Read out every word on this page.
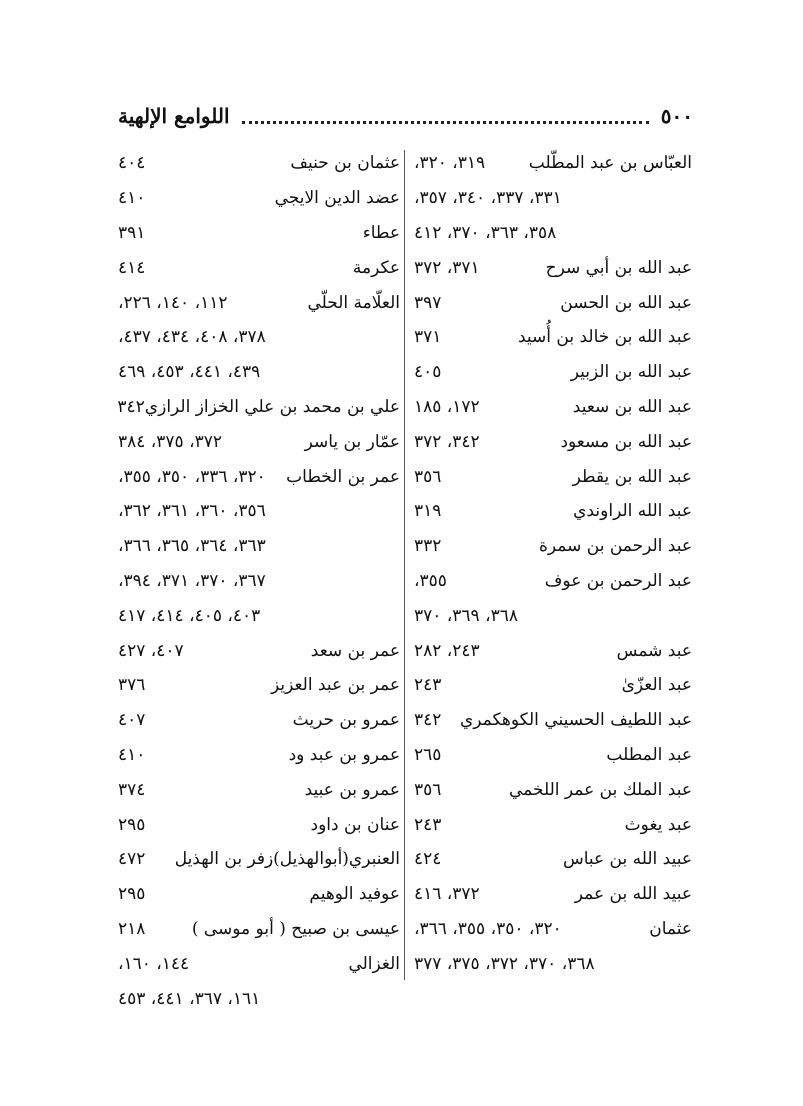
٥٠٠
اللوامع الإلهية
العبّاس بن عبد المطّلب
٣١٩، ٣٢٠،
٣٣١، ٣٣٧، ٣٤٠، ٣٥٧،
٣٥٨، ٣٦٣، ٣٧٠، ٤١٢
عبد الله بن أبي سرح
٣٧١، ٣٧٢
عبد الله بن الحسن
٣٩٧
عبد الله بن خالد بن أُسيد
٣٧١
عبد الله بن الزبير
٤٠٥
عبد الله بن سعيد
١٧٢، ١٨٥
عبد الله بن مسعود
٣٤٢، ٣٧٢
عبد الله بن يقطر
٣٥٦
عبد الله الراوندي
٣١٩
عبد الرحمن بن سمرة
٣٣٢
عبد الرحمن بن عوف
٣٥٥،
٣٦٨، ٣٦٩، ٣٧٠
عبد شمس
٢٤٣، ٢٨٢
عبد العزّىٰ
٢٤٣
عبد اللطيف الحسيني الكوهكمري
٣٤٢
عبد المطلب
٢٦٥
عبد الملك بن عمر اللخمي
٣٥٦
عبد يغوث
٢٤٣
عبيد الله بن عباس
٤٢٤
عبيد الله بن عمر
٣٧٢، ٤١٦
عثمان
٣٢٠، ٣٥٠، ٣٥٥، ٣٦٦،
٣٦٨، ٣٧٠، ٣٧٢، ٣٧٥، ٣٧٧
عثمان بن حنيف
٤٠٤
عضد الدين الايجي
٤١٠
عطاء
٣٩١
عكرمة
٤١٤
العلّامة الحلّي
١١٢، ١٤٠، ٢٢٦،
٣٧٨، ٤٠٨، ٤٣٤، ٤٣٧،
٤٣٩، ٤٤١، ٤٥٣، ٤٦٩
علي بن محمد بن علي الخزاز الرازي
٣٤٢
عمّار بن ياسر
٣٧٢، ٣٧٥، ٣٨٤
عمر بن الخطاب
٣٢٠، ٣٣٦، ٣٥٠، ٣٥٥،
٣٥٦، ٣٦٠، ٣٦١، ٣٦٢،
٣٦٣، ٣٦٤، ٣٦٥، ٣٦٦،
٣٦٧، ٣٧٠، ٣٧١، ٣٩٤،
٤٠٣، ٤٠٥، ٤١٤، ٤١٧
عمر بن سعد
٤٠٧، ٤٢٧
عمر بن عبد العزيز
٣٧٦
عمرو بن حريث
٤٠٧
عمرو بن عبد ود
٤١٠
عمرو بن عبيد
٣٧٤
عنان بن داود
٢٩٥
العنبري(أبوالهذيل)زفر بن الهذيل
٤٧٢
عوفيد الوهيم
٢٩٥
عيسى بن صبيح ( أبو موسى )
٢١٨
الغزالي
١٤٤، ١٦٠،
١٦١، ٣٦٧، ٤٤١، ٤٥٣
